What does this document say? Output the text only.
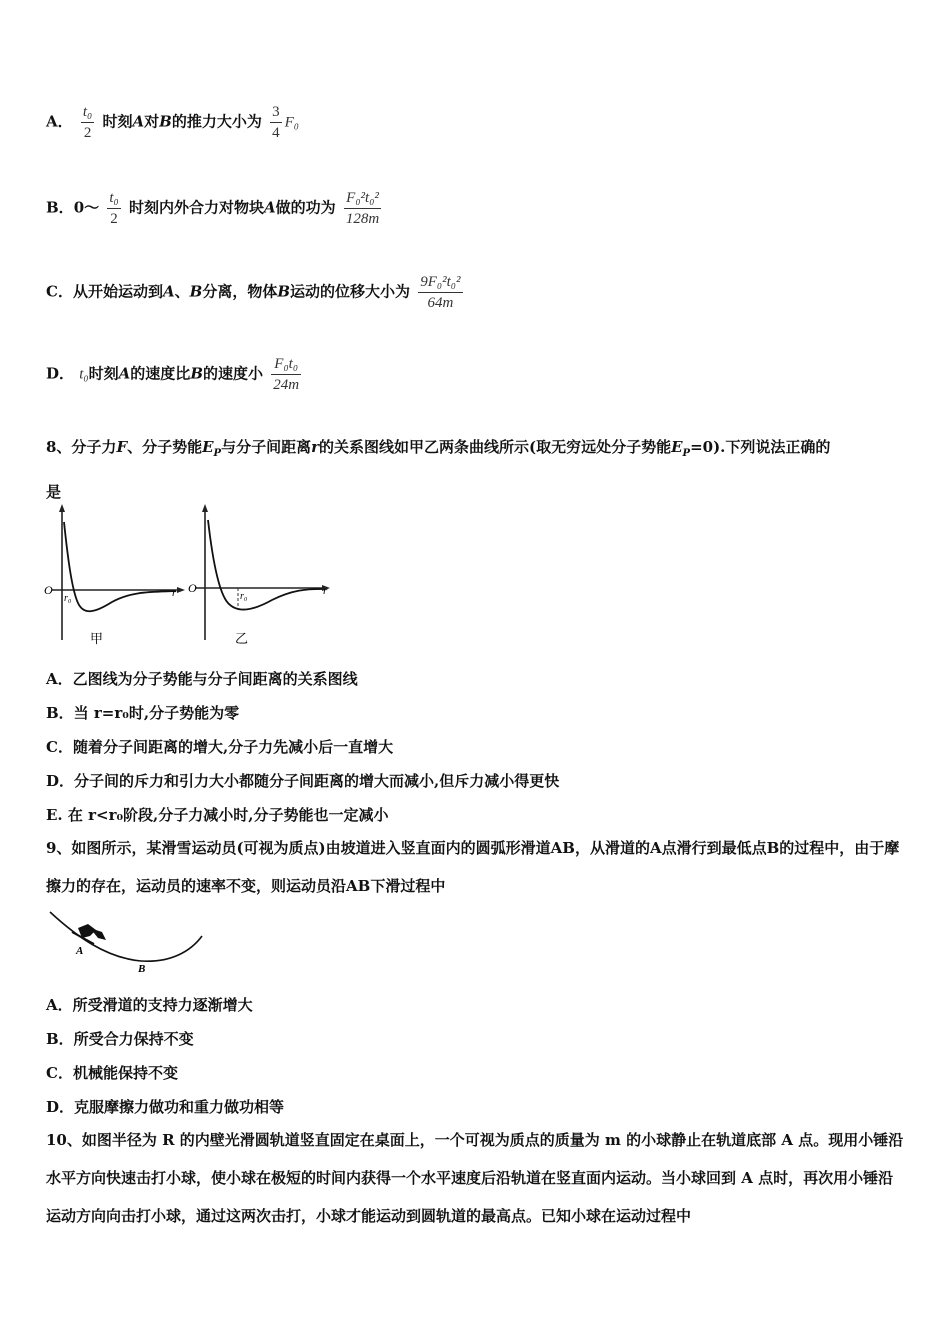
A． $\frac{\text{t₀}}{2}$ 时刻A对B的推力大小为 $\frac{3}{4} F_0$
B．0～ $\frac{\text{t₀}}{2}$ 时刻内外合力对物块A做的功为 $\frac{\text{F₀²t₀²}}{128m}$
C．从开始运动到A、B分离，物体B运动的位移大小为 $\frac{\text{9F₀²t₀²}}{64m}$
D． t₀时刻A的速度比B的速度小 $\frac{\text{F₀t₀}}{24m}$
8、分子力F、分子势能$E_P$与分子间距离r的关系图线如甲乙两条曲线所示(取无穷远处分子势能$E_P=0$).下列说法正确的
是
O
r₀	r
甲
O
r₀	r
乙
A．乙图线为分子势能与分子间距离的关系图线
B．当 r=r₀时,分子势能为零
C．随着分子间距离的增大,分子力先减小后一直增大
D．分子间的斥力和引力大小都随分子间距离的增大而减小,但斥力减小得更快
E. 在 r<r₀阶段,分子力减小时,分子势能也一定减小
9、如图所示，某滑雪运动员(可视为质点)由坡道进入竖直面内的圆弧形滑道AB，从滑道的A点滑行到最低点B的过程中，由于摩擦力的存在，运动员的速率不变，则运动员沿AB下滑过程中
A
B
A．所受滑道的支持力逐渐增大
B．所受合力保持不变
C．机械能保持不变
D．克服摩擦力做功和重力做功相等
10、如图半径为 R 的内壁光滑圆轨道竖直固定在桌面上，一个可视为质点的质量为 m 的小球静止在轨道底部 A 点。现用小锤沿水平方向快速击打小球，使小球在极短的时间内获得一个水平速度后沿轨道在竖直面内运动。当小球回到 A 点时，再次用小锤沿运动方向向击打小球，通过这两次击打，小球才能运动到圆轨道的最高点。已知小球在运动过程中
